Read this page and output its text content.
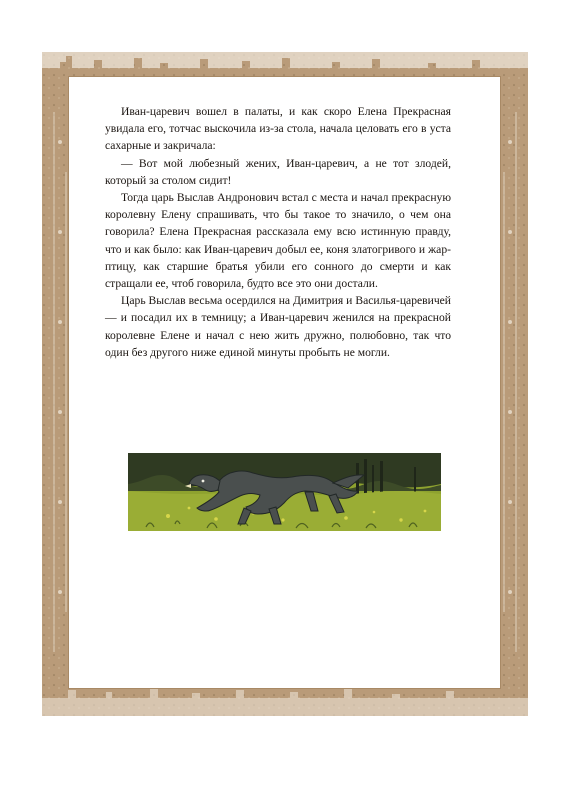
Иван-царевич вошел в палаты, и как скоро Елена Прекрасная увидала его, тотчас выскочила из-за стола, начала целовать его в уста сахарные и закричала:

— Вот мой любезный жених, Иван-царевич, а не тот злодей, который за столом сидит!

Тогда царь Выслав Андронович встал с места и начал прекрасную королевну Елену спрашивать, что бы такое то значило, о чем она говорила? Елена Прекрасная рассказала ему всю истинную правду, что и как было: как Иван-царевич добыл ее, коня златогривого и жар-птицу, как старшие братья убили его сонного до смерти и как стращали ее, чтоб говорила, будто все это они достали.

Царь Выслав весьма осердился на Димитрия и Василья-царевичей — и посадил их в темницу; а Иван-царевич женился на прекрасной королевне Елене и начал с нею жить дружно, полюбовно, так что один без другого ниже единой минуты пробыть не могли.
